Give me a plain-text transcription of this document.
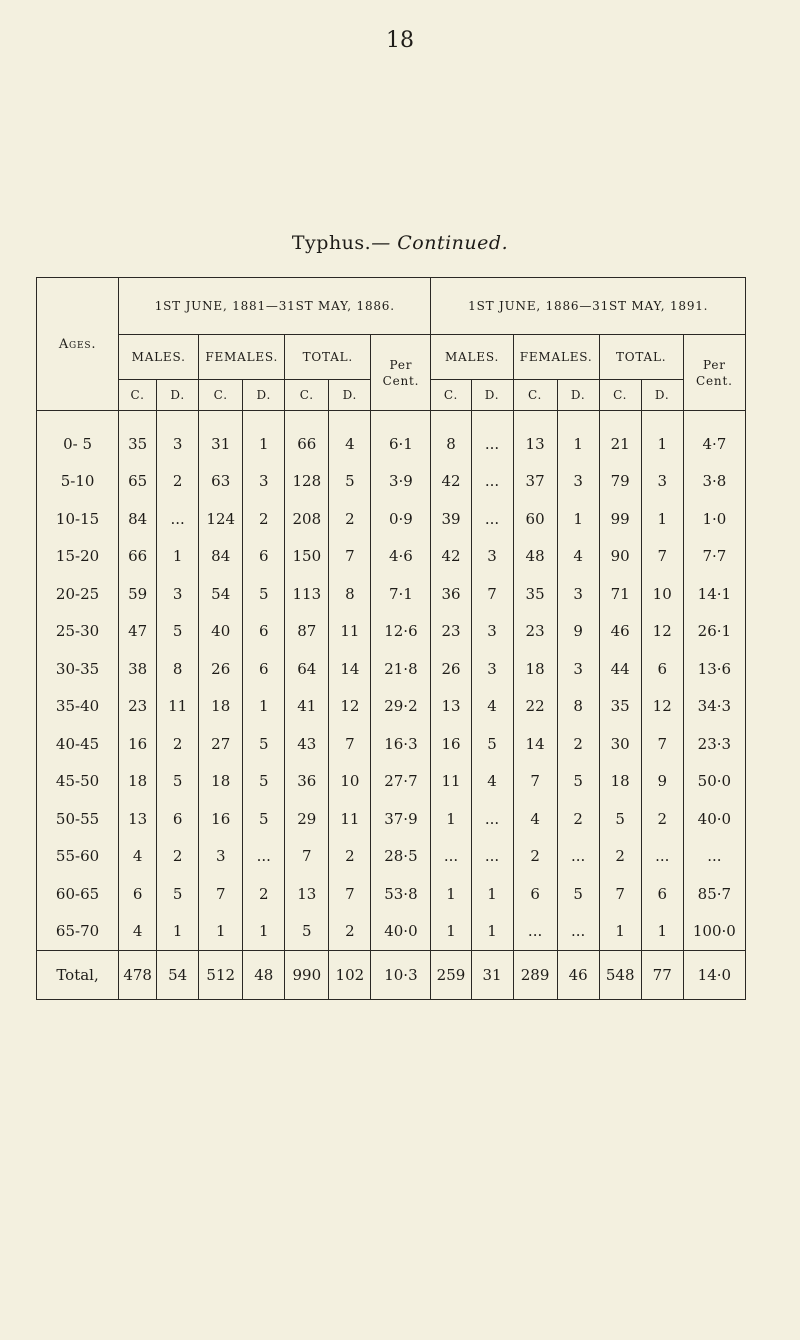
18
Typhus.— Continued.
Ages.	1ST JUNE, 1881—31ST MAY, 1886.							1ST JUNE, 1886—31ST MAY, 1891.						
	MALES.		FEMALES.		TOTAL.		Per Cent.	MALES.		FEMALES.		TOTAL.		Per Cent.
	C.	D.	C.	D.	C.	D.		C.	D.	C.	D.	C.	D.	
0- 5	35	3	31	1	66	4	6·1	8	...	13	1	21	1	4·7
5-10	65	2	63	3	128	5	3·9	42	...	37	3	79	3	3·8
10-15	84	...	124	2	208	2	0·9	39	...	60	1	99	1	1·0
15-20	66	1	84	6	150	7	4·6	42	3	48	4	90	7	7·7
20-25	59	3	54	5	113	8	7·1	36	7	35	3	71	10	14·1
25-30	47	5	40	6	87	11	12·6	23	3	23	9	46	12	26·1
30-35	38	8	26	6	64	14	21·8	26	3	18	3	44	6	13·6
35-40	23	11	18	1	41	12	29·2	13	4	22	8	35	12	34·3
40-45	16	2	27	5	43	7	16·3	16	5	14	2	30	7	23·3
45-50	18	5	18	5	36	10	27·7	11	4	7	5	18	9	50·0
50-55	13	6	16	5	29	11	37·9	1	...	4	2	5	2	40·0
55-60	4	2	3	...	7	2	28·5	...	...	2	...	2	...	...
60-65	6	5	7	2	13	7	53·8	1	1	6	5	7	6	85·7
65-70	4	1	1	1	5	2	40·0	1	1	...	...	1	1	100·0
Total,	478	54	512	48	990	102	10·3	259	31	289	46	548	77	14·0
